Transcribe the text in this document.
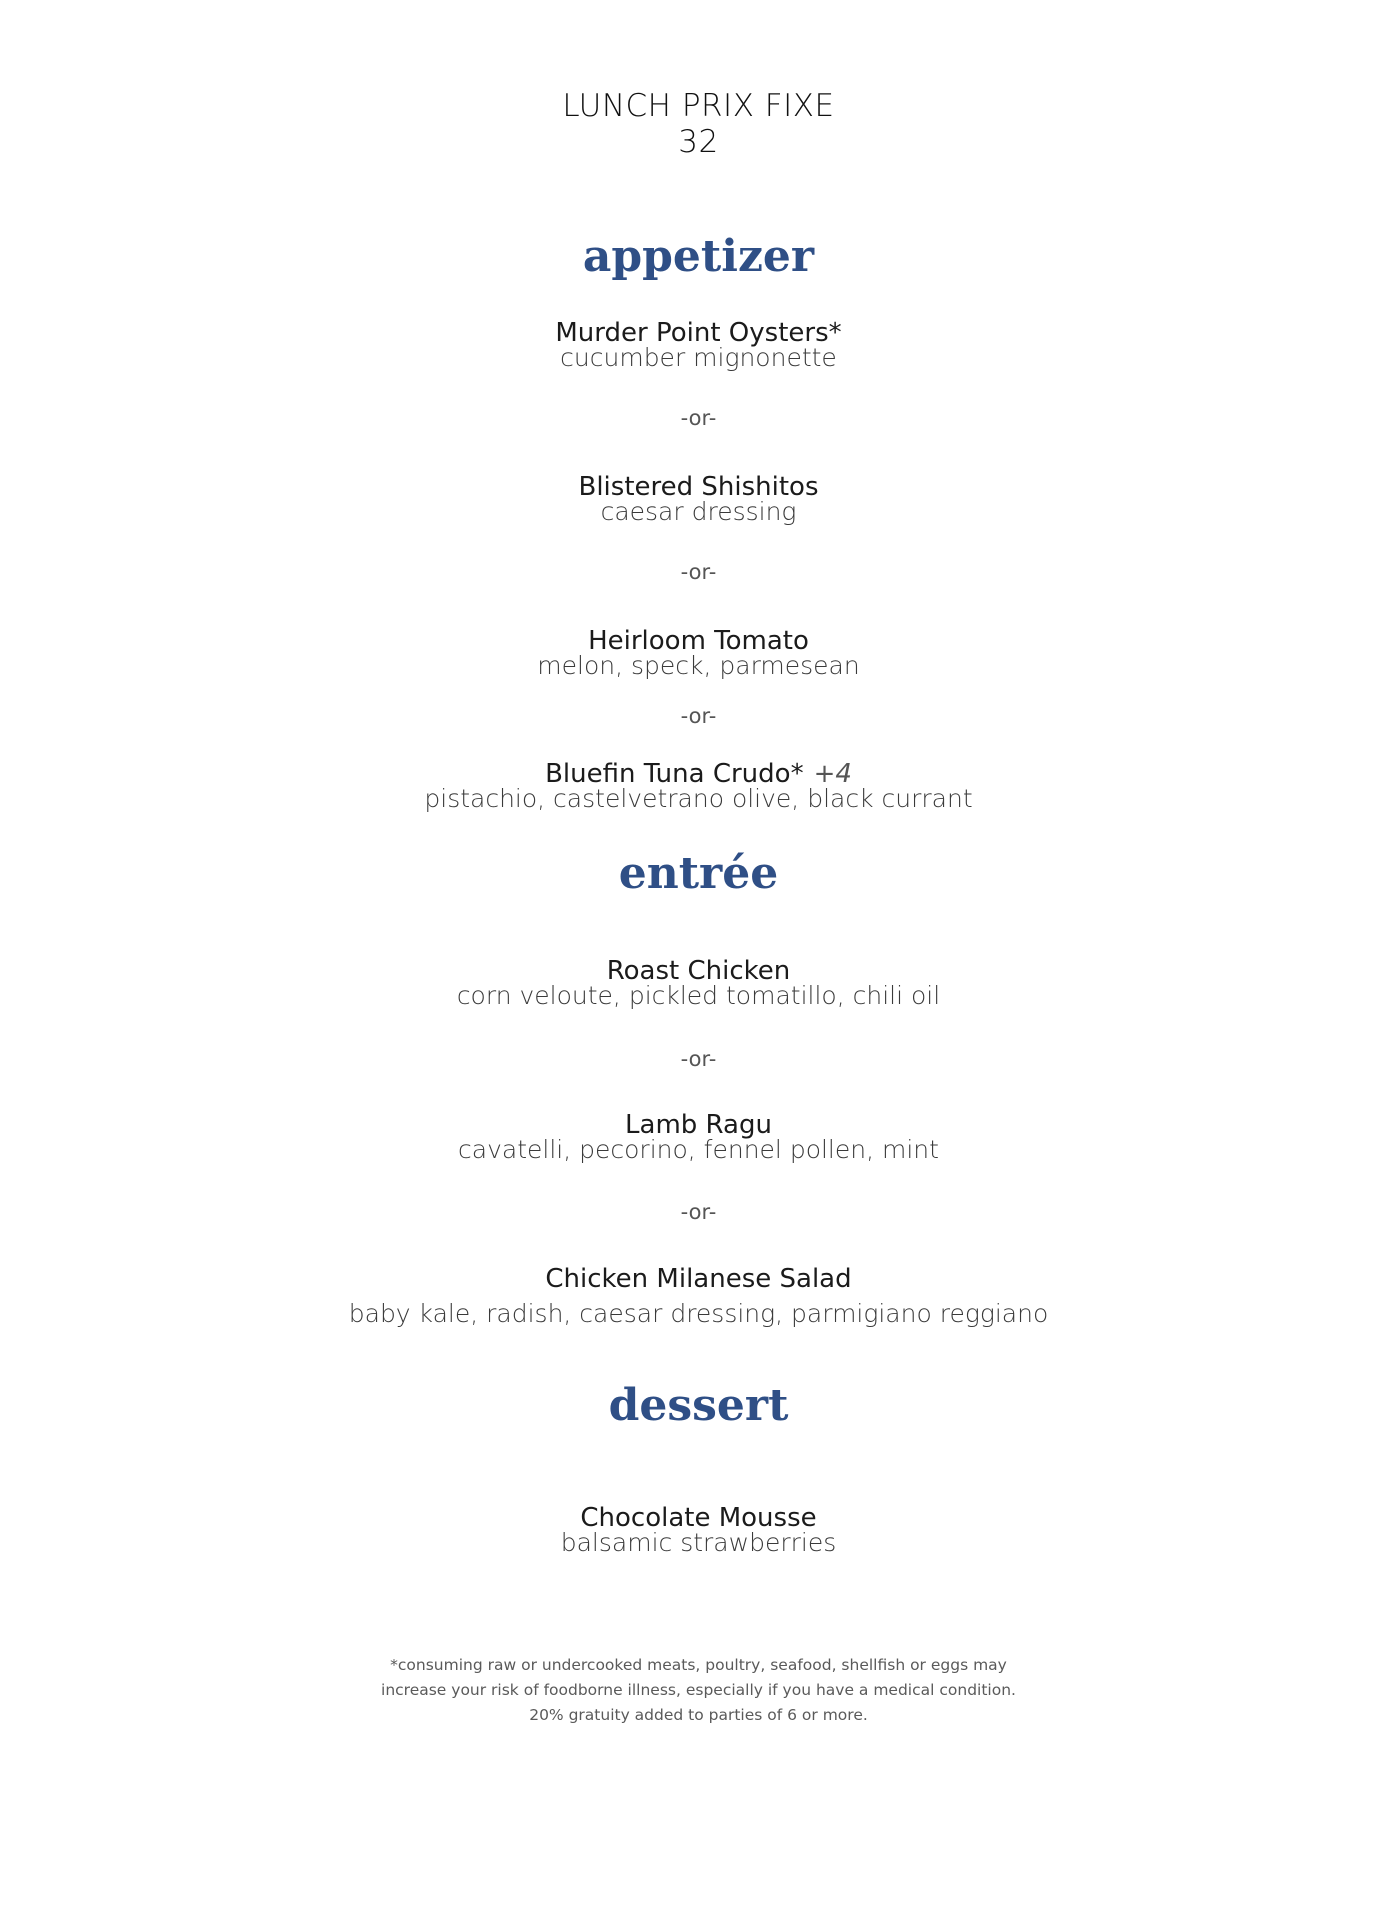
LUNCH PRIX FIXE
32
appetizer
Murder Point Oysters*
cucumber mignonette
-or-
Blistered Shishitos
caesar dressing
-or-
Heirloom Tomato
melon, speck, parmesean
-or-
Bluefin Tuna Crudo* +4
pistachio, castelvetrano olive, black currant
entrée
Roast Chicken
corn veloute, pickled tomatillo, chili oil
-or-
Lamb Ragu
cavatelli, pecorino, fennel pollen, mint
-or-
Chicken Milanese Salad
baby kale, radish, caesar dressing, parmigiano reggiano
dessert
Chocolate Mousse
balsamic strawberries
*consuming raw or undercooked meats, poultry, seafood, shellfish or eggs may
increase your risk of foodborne illness, especially if you have a medical condition.
20% gratuity added to parties of 6 or more.
